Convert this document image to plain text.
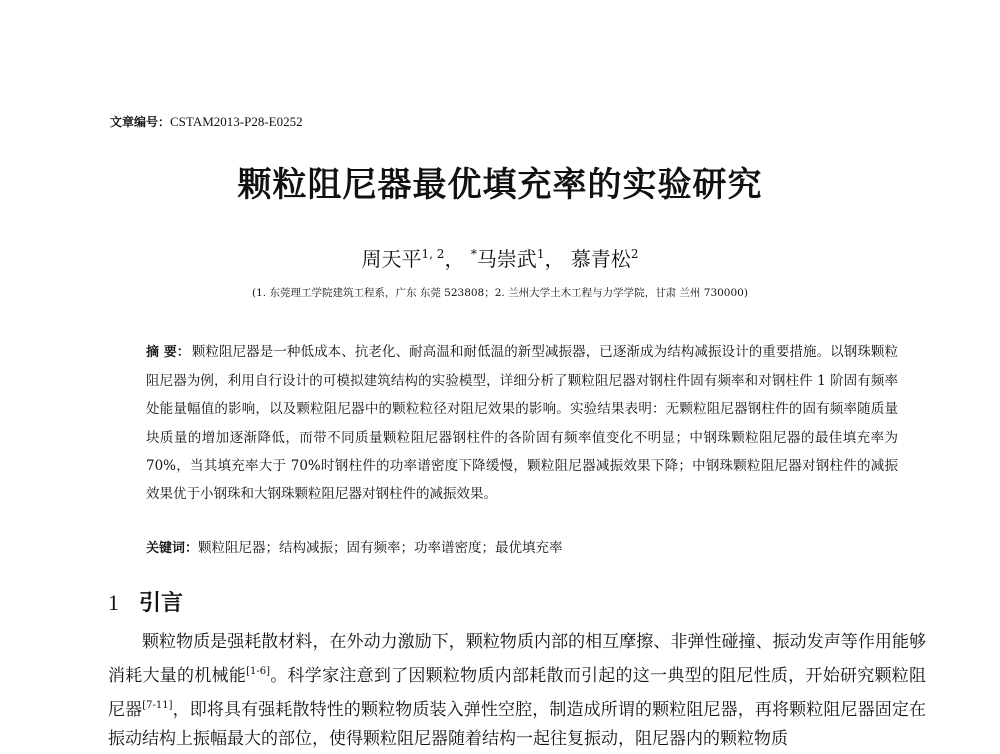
文章编号：CSTAM2013-P28-E0252
颗粒阻尼器最优填充率的实验研究
周天平$^{1, 2}$， *马崇武$^1$， 慕青松$^2$
(1. 东莞理工学院建筑工程系，广东 东莞 523808；2. 兰州大学土木工程与力学学院，甘肃 兰州 730000)
摘 要： 颗粒阻尼器是一种低成本、抗老化、耐高温和耐低温的新型减振器，已逐渐成为结构减振设计的重要措施。以钢珠颗粒阻尼器为例，利用自行设计的可模拟建筑结构的实验模型，详细分析了颗粒阻尼器对钢柱件固有频率和对钢柱件 1 阶固有频率处能量幅值的影响，以及颗粒阻尼器中的颗粒粒径对阻尼效果的影响。实验结果表明：无颗粒阻尼器钢柱件的固有频率随质量块质量的增加逐渐降低，而带不同质量颗粒阻尼器钢柱件的各阶固有频率值变化不明显；中钢珠颗粒阻尼器的最佳填充率为 70%，当其填充率大于 70%时钢柱件的功率谱密度下降缓慢，颗粒阻尼器减振效果下降；中钢珠颗粒阻尼器对钢柱件的减振效果优于小钢珠和大钢珠颗粒阻尼器对钢柱件的减振效果。
关键词：颗粒阻尼器；结构减振；固有频率；功率谱密度；最优填充率
1 引言

颗粒物质是强耗散材料，在外动力激励下，颗粒物质内部的相互摩擦、非弹性碰撞、振动发声等作用能够消耗大量的机械能[1-6]。科学家注意到了因颗粒物质内部耗散而引起的这一典型的阻尼性质，开始研究颗粒阻尼器[7-11]，即将具有强耗散特性的颗粒物质装入弹性空腔，制造成所谓的颗粒阻尼器，再将颗粒阻尼器固定在振动结构上振幅最大的部位，使得颗粒阻尼器随着结构一起往复振动，阻尼器内的颗粒物质
